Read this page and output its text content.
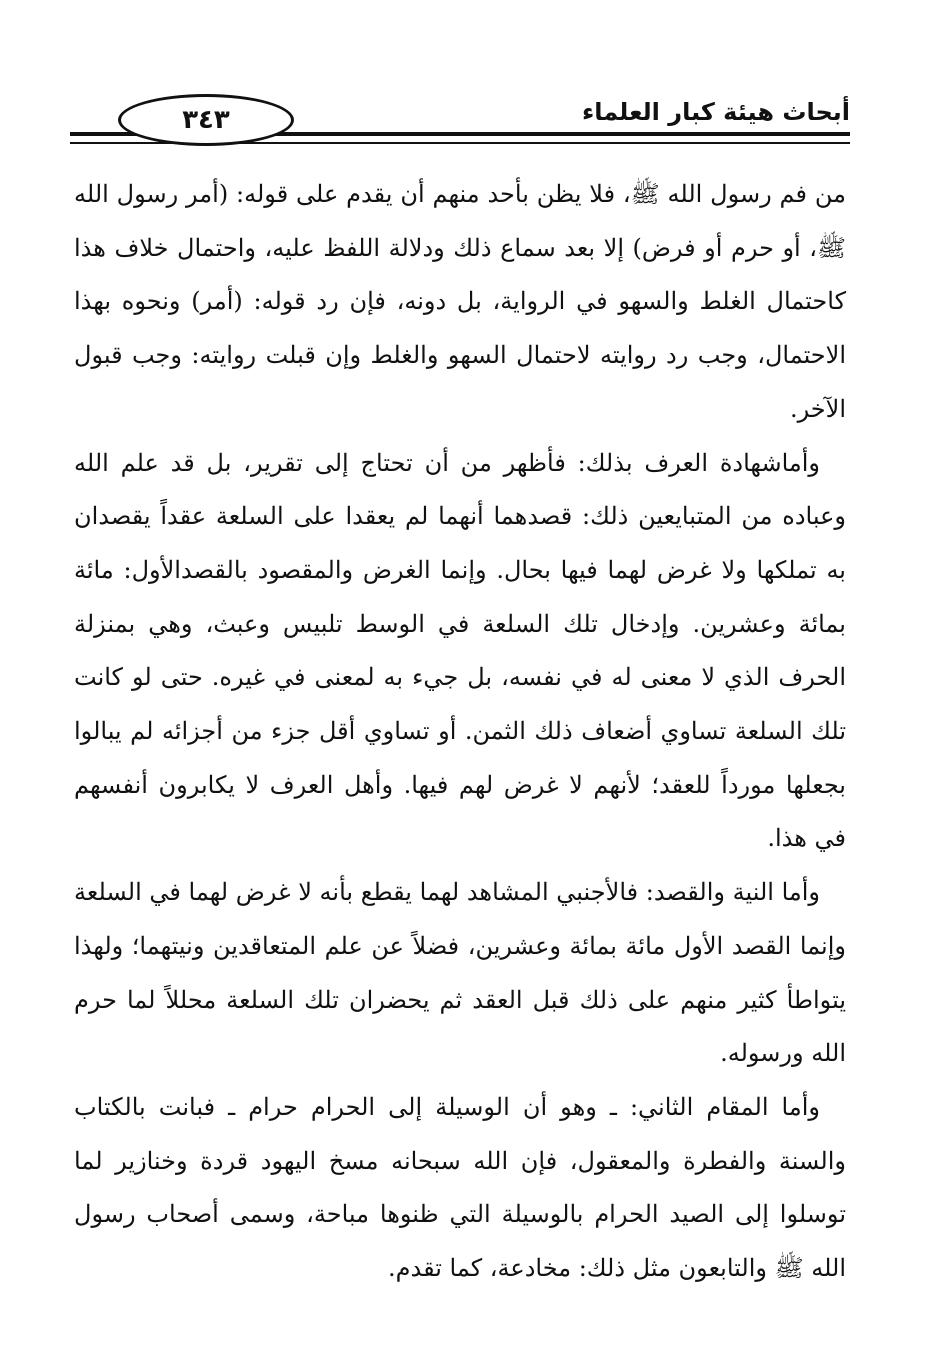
٣٤٣	أبحاث هيئة كبار العلماء

من فم رسول الله ﷺ، فلا يظن بأحد منهم أن يقدم على قوله: (أمر رسول الله ﷺ، أو حرم أو فرض) إلا بعد سماع ذلك ودلالة اللفظ عليه، واحتمال خلاف هذا كاحتمال الغلط والسهو في الرواية، بل دونه، فإن رد قوله: (أمر) ونحوه بهذا الاحتمال، وجب رد روايته لاحتمال السهو والغلط وإن قبلت روايته: وجب قبول الآخر.

وأماشهادة العرف بذلك: فأظهر من أن تحتاج إلى تقرير، بل قد علم الله وعباده من المتبايعين ذلك: قصدهما أنهما لم يعقدا على السلعة عقداً يقصدان به تملكها ولا غرض لهما فيها بحال. وإنما الغرض والمقصود بالقصدالأول: مائة بمائة وعشرين. وإدخال تلك السلعة في الوسط تلبيس وعبث، وهي بمنزلة الحرف الذي لا معنى له في نفسه، بل جيء به لمعنى في غيره. حتى لو كانت تلك السلعة تساوي أضعاف ذلك الثمن. أو تساوي أقل جزء من أجزائه لم يبالوا بجعلها مورداً للعقد؛ لأنهم لا غرض لهم فيها. وأهل العرف لا يكابرون أنفسهم في هذا.

وأما النية والقصد: فالأجنبي المشاهد لهما يقطع بأنه لا غرض لهما في السلعة وإنما القصد الأول مائة بمائة وعشرين، فضلاً عن علم المتعاقدين ونيتهما؛ ولهذا يتواطأ كثير منهم على ذلك قبل العقد ثم يحضران تلك السلعة محللاً لما حرم الله ورسوله.

وأما المقام الثاني: ـ وهو أن الوسيلة إلى الحرام حرام ـ فبانت بالكتاب والسنة والفطرة والمعقول، فإن الله سبحانه مسخ اليهود قردة وخنازير لما توسلوا إلى الصيد الحرام بالوسيلة التي ظنوها مباحة، وسمى أصحاب رسول الله ﷺ والتابعون مثل ذلك: مخادعة، كما تقدم.
